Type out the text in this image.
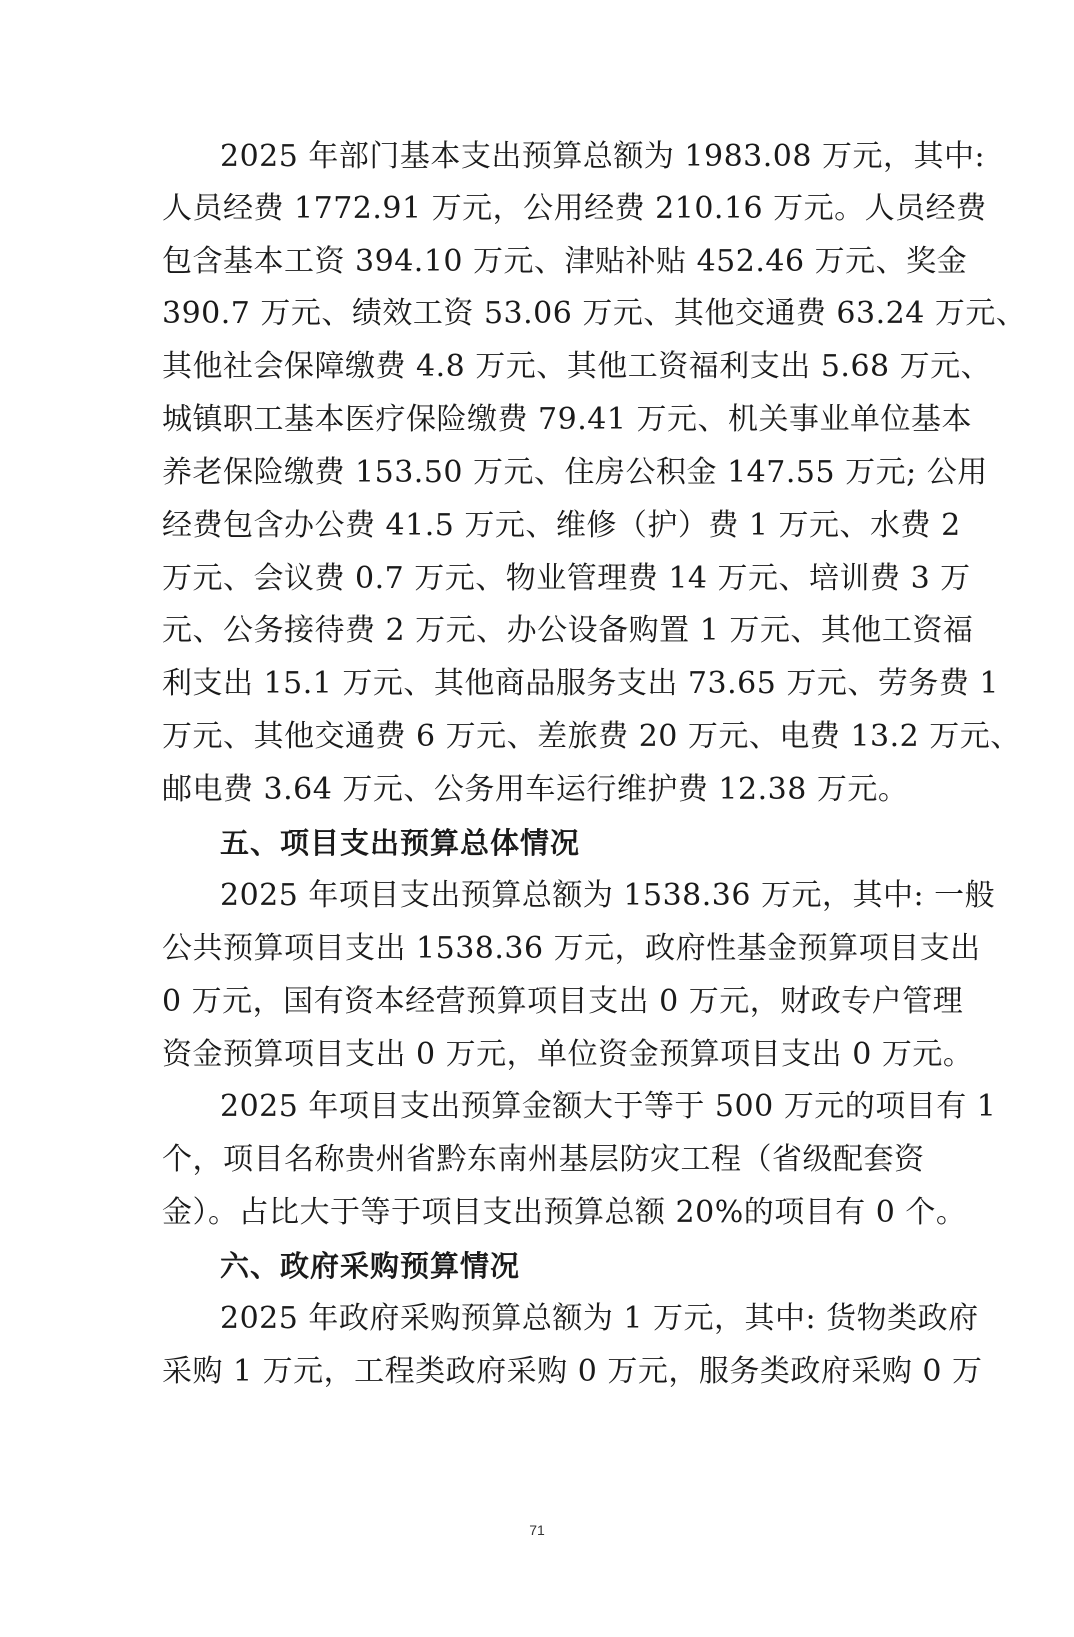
2025 年部门基本支出预算总额为 1983.08 万元，其中:

人员经费 1772.91 万元，公用经费 210.16 万元。人员经费

包含基本工资 394.10 万元、津贴补贴 452.46 万元、奖金

390.7 万元、绩效工资 53.06 万元、其他交通费 63.24 万元、

其他社会保障缴费 4.8 万元、其他工资福利支出 5.68 万元、

城镇职工基本医疗保险缴费 79.41 万元、机关事业单位基本

养老保险缴费 153.50 万元、住房公积金 147.55 万元; 公用

经费包含办公费 41.5 万元、维修（护）费 1 万元、水费 2

万元、会议费 0.7 万元、物业管理费 14 万元、培训费 3 万

元、公务接待费 2 万元、办公设备购置 1 万元、其他工资福

利支出 15.1 万元、其他商品服务支出 73.65 万元、劳务费 1

万元、其他交通费 6 万元、差旅费 20 万元、电费 13.2 万元、

邮电费 3.64 万元、公务用车运行维护费 12.38 万元。

五、项目支出预算总体情况

2025 年项目支出预算总额为 1538.36 万元，其中: 一般

公共预算项目支出 1538.36 万元，政府性基金预算项目支出

0 万元，国有资本经营预算项目支出 0 万元，财政专户管理

资金预算项目支出 0 万元，单位资金预算项目支出 0 万元。

2025 年项目支出预算金额大于等于 500 万元的项目有 1

个，项目名称贵州省黔东南州基层防灾工程（省级配套资

金）。占比大于等于项目支出预算总额 20%的项目有 0 个。

六、政府采购预算情况

2025 年政府采购预算总额为 1 万元，其中: 货物类政府

采购 1 万元，工程类政府采购 0 万元，服务类政府采购 0 万

71
